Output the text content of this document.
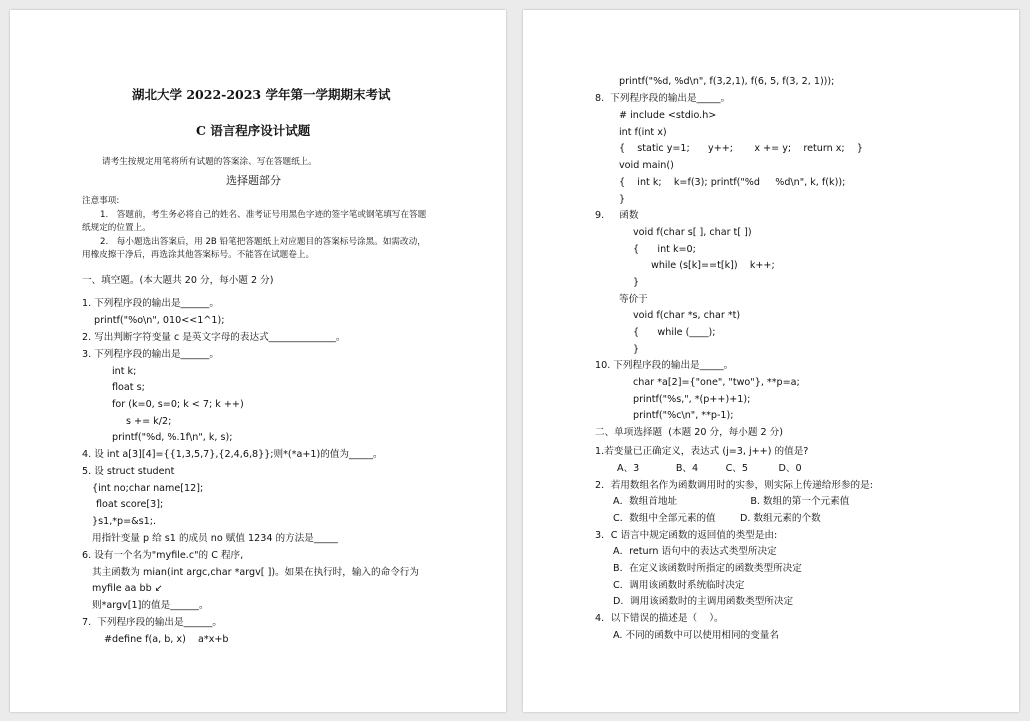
湖北大学 2022-2023 学年第一学期期末考试
C 语言程序设计试题
请考生按规定用笔将所有试题的答案涂、写在答题纸上。
选择题部分
注意事项:
1.　答题前，考生务必将自己的姓名、准考证号用黑色字迹的签字笔或钢笔填写在答题
纸规定的位置上。
2.　每小题选出答案后，用 2B 铅笔把答题纸上对应题目的答案标号涂黑。如需改动，
用橡皮擦干净后，再选涂其他答案标号。不能答在试题卷上。
一、填空题。(本大题共 20 分，每小题 2 分)
1. 下列程序段的输出是______。
printf("%o\n", 010<<1^1);
2. 写出判断字符变量 c 是英文字母的表达式______________。
3. 下列程序段的输出是______。
int k;
float s;
for (k=0, s=0; k < 7; k ++)
s += k/2;
printf("%d, %.1f\n", k, s);
4. 设 int a[3][4]={{1,3,5,7},{2,4,6,8}};则*(*a+1)的值为_____。
5. 设 struct student
{int no;char name[12];
float score[3];
}s1,*p=&s1;.
用指针变量 p 给 s1 的成员 no 赋值 1234 的方法是_____
6. 设有一个名为"myfile.c"的 C 程序,
其主函数为 mian(int argc,char *argv[ ])。如果在执行时，输入的命令行为
myfile aa bb ↙
则*argv[1]的值是______。
7.  下列程序段的输出是______。
#define f(a, b, x)    a*x+b
printf("%d, %d\n", f(3,2,1), f(6, 5, f(3, 2, 1)));
8.  下列程序段的输出是_____。
# include <stdio.h>
int f(int x)
{    static y=1;      y++;       x += y;    return x;    }
void main()
{    int k;    k=f(3); printf("%d     %d\n", k, f(k));
}
9.     函数
void f(char s[ ], char t[ ])
{      int k=0;
while (s[k]==t[k])    k++;
}
等价于
void f(char *s, char *t)
{      while (____);
}
10. 下列程序段的输出是_____。
char *a[2]={"one", "two"}, **p=a;
printf("%s,", *(p++)+1);
printf("%c\n", **p-1);
二、单项选择题  (本题 20 分，每小题 2 分)
1.若变量已正确定义，表达式 (j=3, j++) 的值是?
A、3            B、4         C、5          D、0
2．若用数组名作为函数调用时的实参，则实际上传递给形参的是:
A．数组首地址                        B. 数组的第一个元素值
C．数组中全部元素的值        D. 数组元素的个数
3．C 语言中规定函数的返回值的类型是由:
A．return 语句中的表达式类型所决定
B．在定义该函数时所指定的函数类型所决定
C．调用该函数时系统临时决定
D．调用该函数时的主调用函数类型所决定
4．以下错误的描述是（    ）。
A. 不同的函数中可以使用相同的变量名
